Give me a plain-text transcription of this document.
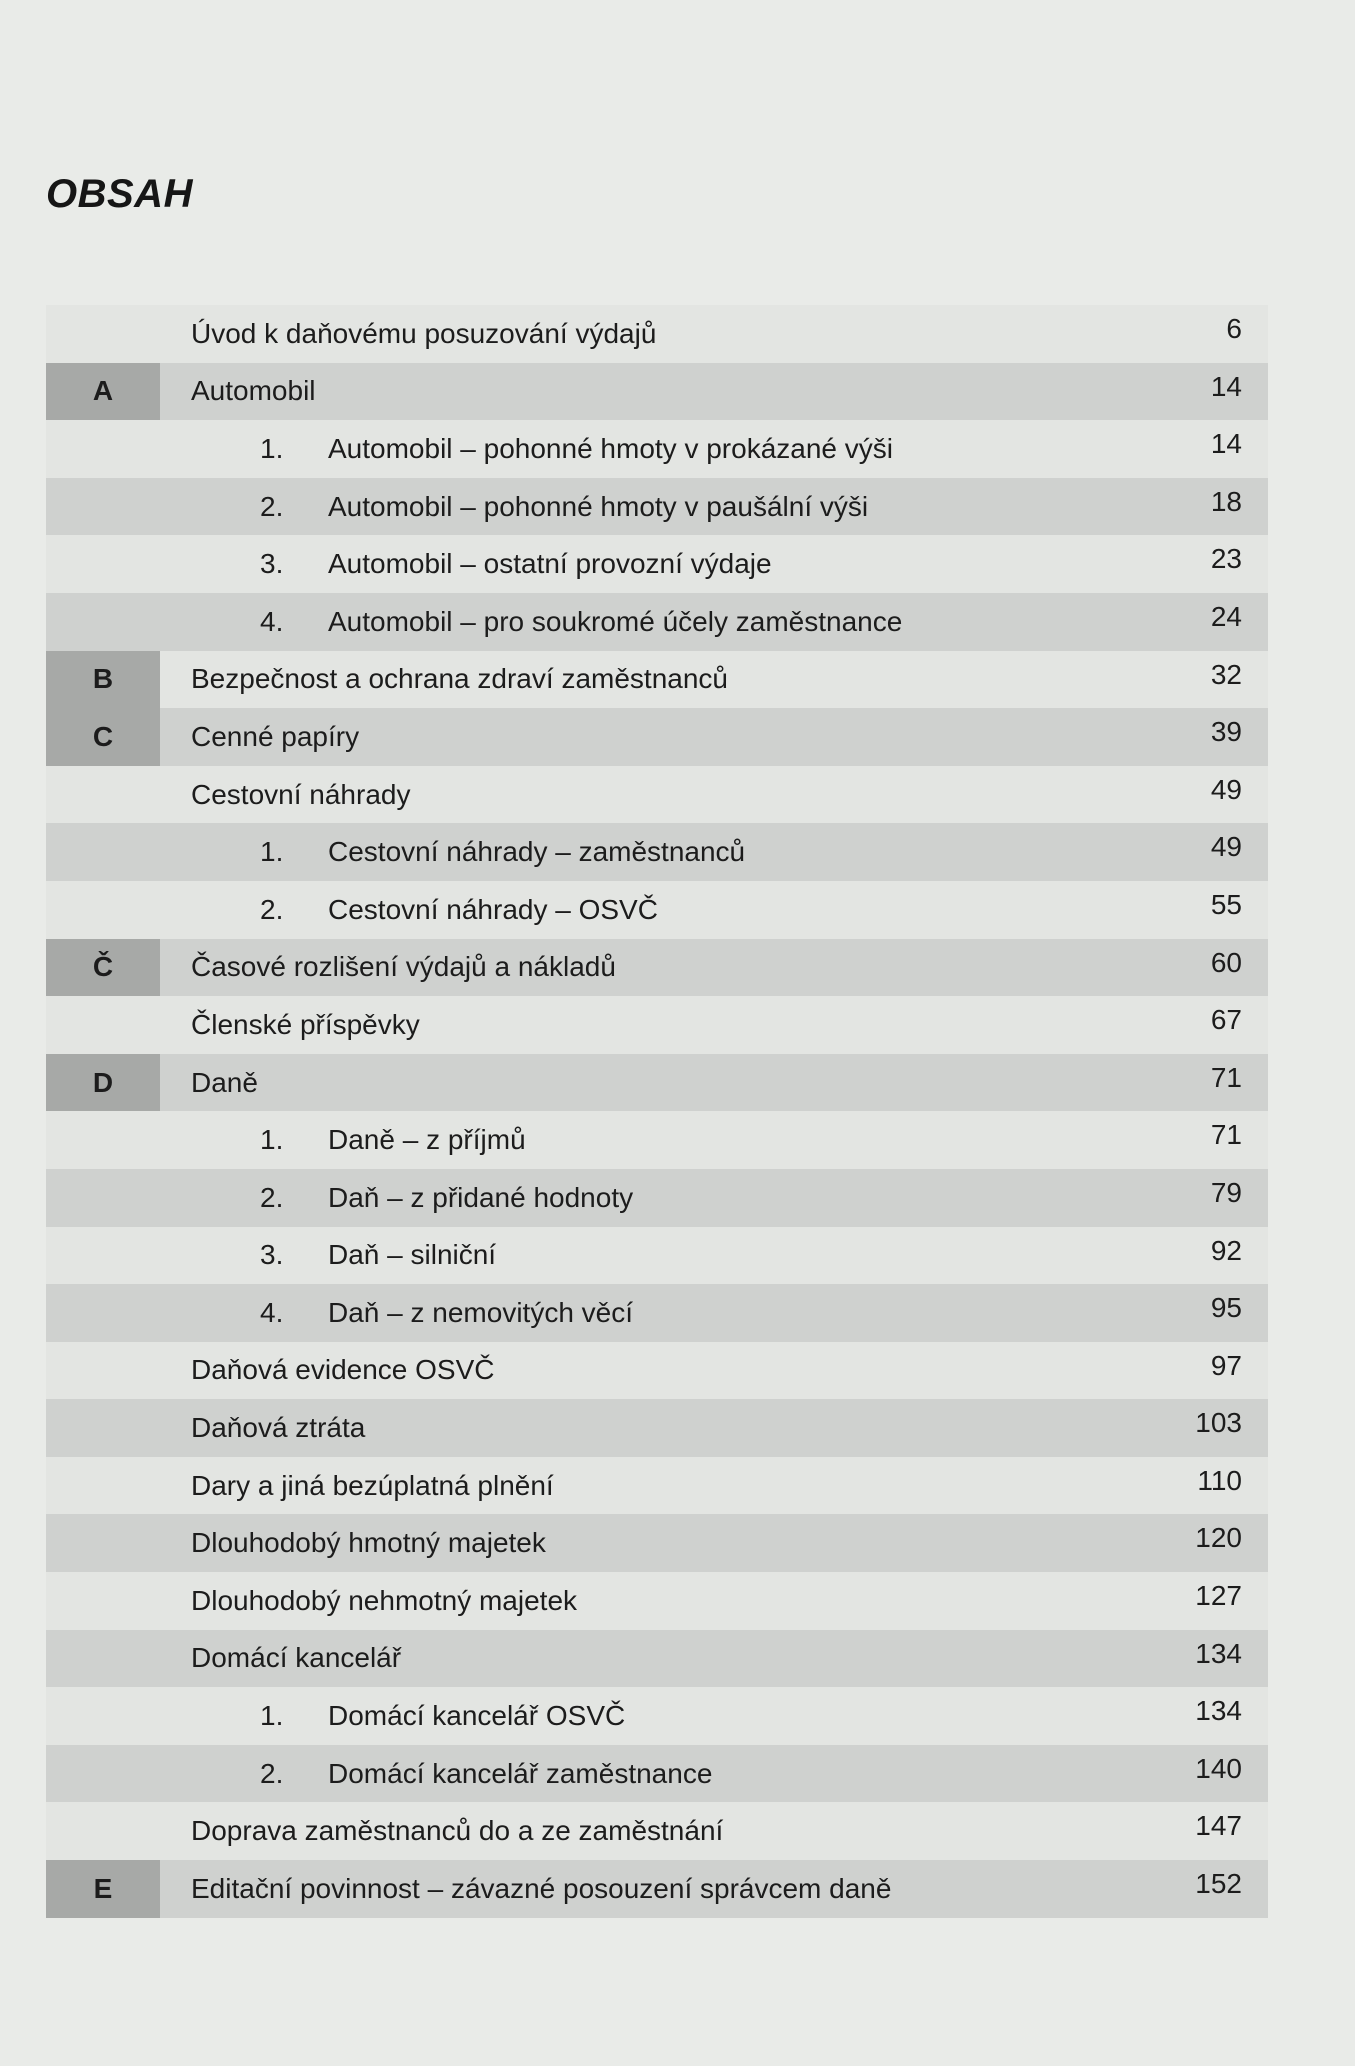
OBSAH
Úvod k daňovému posuzování výdajů	6
A	Automobil	14
1. Automobil – pohonné hmoty v prokázané výši	14
2. Automobil – pohonné hmoty v paušální výši	18
3. Automobil – ostatní provozní výdaje	23
4. Automobil – pro soukromé účely zaměstnance	24
B	Bezpečnost a ochrana zdraví zaměstnanců	32
C	Cenné papíry	39
Cestovní náhrady	49
1. Cestovní náhrady – zaměstnanců	49
2. Cestovní náhrady – OSVČ	55
Č	Časové rozlišení výdajů a nákladů	60
Členské příspěvky	67
D	Daně	71
1. Daně – z příjmů	71
2. Daň – z přidané hodnoty	79
3. Daň – silniční	92
4. Daň – z nemovitých věcí	95
Daňová evidence OSVČ	97
Daňová ztráta	103
Dary a jiná bezúplatná plnění	110
Dlouhodobý hmotný majetek	120
Dlouhodobý nehmotný majetek	127
Domácí kancelář	134
1. Domácí kancelář OSVČ	134
2. Domácí kancelář zaměstnance	140
Doprava zaměstnanců do a ze zaměstnání	147
E	Editační povinnost – závazné posouzení správcem daně	152
